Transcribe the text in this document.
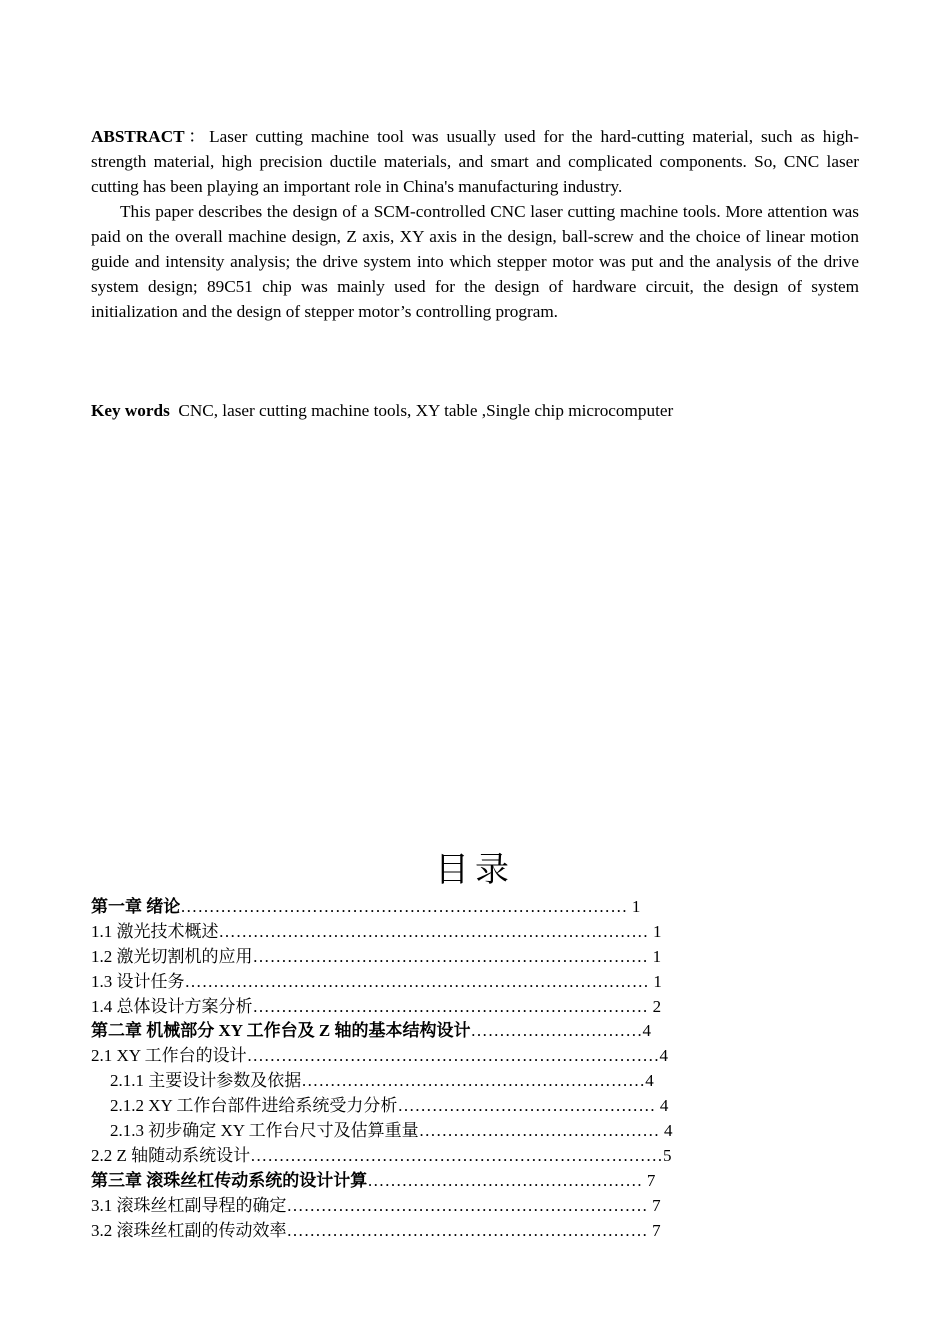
ABSTRACT：Laser cutting machine tool was usually used for the hard-cutting material, such as high-strength material, high precision ductile materials, and smart and complicated components. So, CNC laser cutting has been playing an important role in China's manufacturing industry.

This paper describes the design of a SCM-controlled CNC laser cutting machine tools. More attention was paid on the overall machine design, Z axis, XY axis in the design, ball-screw and the choice of linear motion guide and intensity analysis; the drive system into which stepper motor was put and the analysis of the drive system design; 89C51 chip was mainly used for the design of hardware circuit, the design of system initialization and the design of stepper motor’s controlling program.

Key words CNC, laser cutting machine tools, XY table ,Single chip microcomputer
目录
第一章 绪论…………………………………………………………………… 1
1.1 激光技术概述………………………………………………………………… 1
1.2 激光切割机的应用…………………………………………………………… 1
1.3 设计任务……………………………………………………………………… 1
1.4 总体设计方案分析…………………………………………………………… 2
第二章 机械部分 XY 工作台及 Z 轴的基本结构设计…………………………4
2.1 XY 工作台的设计………………………………………………………………4
2.1.1 主要设计参数及依据……………………………………………………4
2.1.2 XY 工作台部件进给系统受力分析……………………………………… 4
2.1.3 初步确定 XY 工作台尺寸及估算重量…………………………………… 4
2.2 Z 轴随动系统设计………………………………………………………………5
第三章 滚珠丝杠传动系统的设计计算………………………………………… 7
3.1 滚珠丝杠副导程的确定……………………………………………………… 7
3.2 滚珠丝杠副的传动效率……………………………………………………… 7
